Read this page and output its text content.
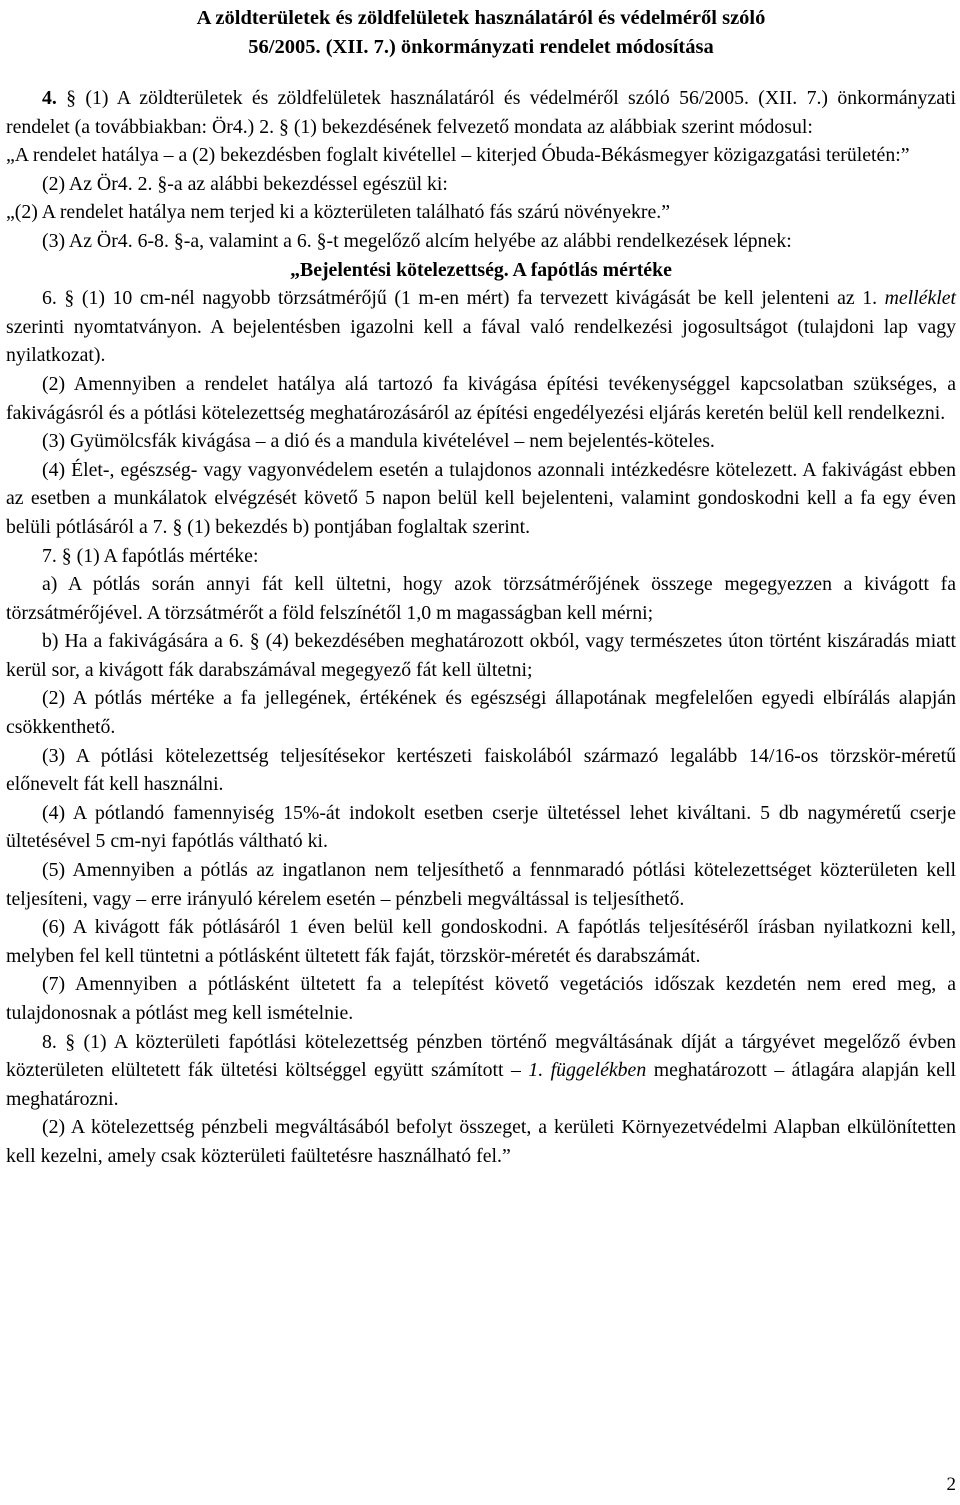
A zöldterületek és zöldfelületek használatáról és védelméről szóló

56/2005. (XII. 7.) önkormányzati rendelet módosítása

4. § (1) A zöldterületek és zöldfelületek használatáról és védelméről szóló 56/2005. (XII. 7.) önkormányzati rendelet (a továbbiakban: Ör4.) 2. § (1) bekezdésének felvezető mondata az alábbiak szerint módosul:

„A rendelet hatálya – a (2) bekezdésben foglalt kivétellel – kiterjed Óbuda-Békásmegyer közigazgatási területén:”

(2) Az Ör4. 2. §-a az alábbi bekezdéssel egészül ki:

„(2) A rendelet hatálya nem terjed ki a közterületen található fás szárú növényekre.”

(3) Az Ör4. 6-8. §-a, valamint a 6. §-t megelőző alcím helyébe az alábbi rendelkezések lépnek:

„Bejelentési kötelezettség. A fapótlás mértéke

6. § (1) 10 cm-nél nagyobb törzsátmérőjű (1 m-en mért) fa tervezett kivágását be kell jelenteni az 1. melléklet szerinti nyomtatványon. A bejelentésben igazolni kell a fával való rendelkezési jogosultságot (tulajdoni lap vagy nyilatkozat).

(2) Amennyiben a rendelet hatálya alá tartozó fa kivágása építési tevékenységgel kapcsolatban szükséges, a fakivágásról és a pótlási kötelezettség meghatározásáról az építési engedélyezési eljárás keretén belül kell rendelkezni.

(3) Gyümölcsfák kivágása – a dió és a mandula kivételével – nem bejelentés-köteles.

(4) Élet-, egészség- vagy vagyonvédelem esetén a tulajdonos azonnali intézkedésre kötelezett. A fakivágást ebben az esetben a munkálatok elvégzését követő 5 napon belül kell bejelenteni, valamint gondoskodni kell a fa egy éven belüli pótlásáról a 7. § (1) bekezdés b) pontjában foglaltak szerint.

7. § (1) A fapótlás mértéke:

a) A pótlás során annyi fát kell ültetni, hogy azok törzsátmérőjének összege megegyezzen a kivágott fa törzsátmérőjével. A törzsátmérőt a föld felszínétől 1,0 m magasságban kell mérni;

b) Ha a fakivágására a 6. § (4) bekezdésében meghatározott okból, vagy természetes úton történt kiszáradás miatt kerül sor, a kivágott fák darabszámával megegyező fát kell ültetni;

(2) A pótlás mértéke a fa jellegének, értékének és egészségi állapotának megfelelően egyedi elbírálás alapján csökkenthető.

(3) A pótlási kötelezettség teljesítésekor kertészeti faiskolából származó legalább 14/16-os törzskör-méretű előnevelt fát kell használni.

(4) A pótlandó famennyiség 15%-át indokolt esetben cserje ültetéssel lehet kiváltani. 5 db nagyméretű cserje ültetésével 5 cm-nyi fapótlás váltható ki.

(5) Amennyiben a pótlás az ingatlanon nem teljesíthető a fennmaradó pótlási kötelezettséget közterületen kell teljesíteni, vagy – erre irányuló kérelem esetén – pénzbeli megváltással is teljesíthető.

(6) A kivágott fák pótlásáról 1 éven belül kell gondoskodni. A fapótlás teljesítéséről írásban nyilatkozni kell, melyben fel kell tüntetni a pótlásként ültetett fák faját, törzskör-méretét és darabszámát.

(7) Amennyiben a pótlásként ültetett fa a telepítést követő vegetációs időszak kezdetén nem ered meg, a tulajdonosnak a pótlást meg kell ismételnie.

8. § (1) A közterületi fapótlási kötelezettség pénzben történő megváltásának díját a tárgyévet megelőző évben közterületen elültetett fák ültetési költséggel együtt számított – 1. függelékben meghatározott – átlagára alapján kell meghatározni.

(2) A kötelezettség pénzbeli megváltásából befolyt összeget, a kerületi Környezetvédelmi Alapban elkülönítetten kell kezelni, amely csak közterületi faültetésre használható fel.”

2
